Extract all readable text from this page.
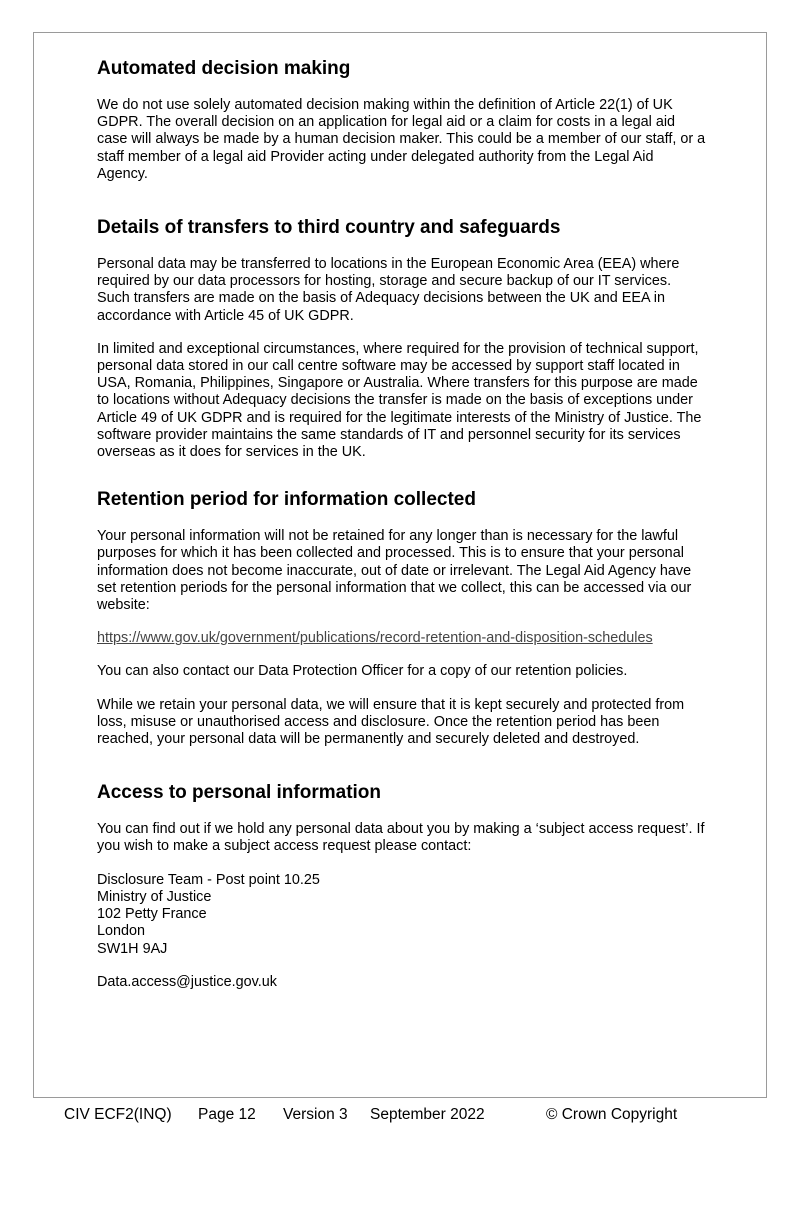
Automated decision making

We do not use solely automated decision making within the definition of Article 22(1) of UK GDPR. The overall decision on an application for legal aid or a claim for costs in a legal aid case will always be made by a human decision maker. This could be a member of our staff, or a staff member of a legal aid Provider acting under delegated authority from the Legal Aid Agency.

Details of transfers to third country and safeguards

Personal data may be transferred to locations in the European Economic Area (EEA) where required by our data processors for hosting, storage and secure backup of our IT services. Such transfers are made on the basis of Adequacy decisions between the UK and EEA in accordance with Article 45 of UK GDPR.

In limited and exceptional circumstances, where required for the provision of technical support, personal data stored in our call centre software may be accessed by support staff located in USA, Romania, Philippines, Singapore or Australia. Where transfers for this purpose are made to locations without Adequacy decisions the transfer is made on the basis of exceptions under Article 49 of UK GDPR and is required for the legitimate interests of the Ministry of Justice. The software provider maintains the same standards of IT and personnel security for its services overseas as it does for services in the UK.

Retention period for information collected

Your personal information will not be retained for any longer than is necessary for the lawful purposes for which it has been collected and processed. This is to ensure that your personal information does not become inaccurate, out of date or irrelevant. The Legal Aid Agency have set retention periods for the personal information that we collect, this can be accessed via our website:

https://www.gov.uk/government/publications/record-retention-and-disposition-schedules

You can also contact our Data Protection Officer for a copy of our retention policies.

While we retain your personal data, we will ensure that it is kept securely and protected from loss, misuse or unauthorised access and disclosure. Once the retention period has been reached, your personal data will be permanently and securely deleted and destroyed.

Access to personal information

You can find out if we hold any personal data about you by making a ‘subject access request’. If you wish to make a subject access request please contact:

Disclosure Team - Post point 10.25
Ministry of Justice
102 Petty France
London
SW1H 9AJ

Data.access@justice.gov.uk

CIV ECF2(INQ)

Page 12

Version 3

September 2022

	© Crown Copyright
